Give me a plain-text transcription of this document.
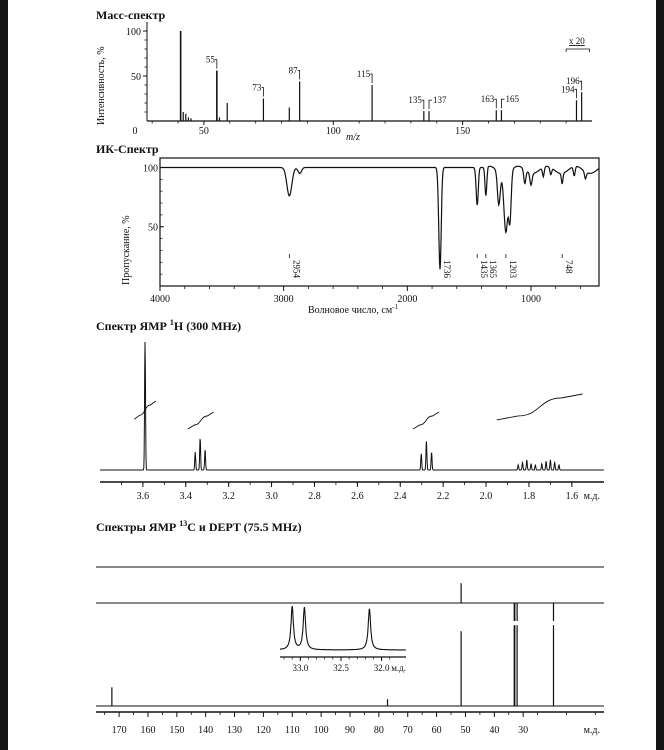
Масс-спектр
Интенсивность, %
m/z
x 20
50
100
0	50	100	150
55
73
87	115
135 137	163 165
194
196
ИК-Спектр
Пропускание, %
Волновое число, $см^{-1}$
4000	3000	2000	1000
50
100
2954	1736	1435
1365 1203	748
Спектр ЯМР $^1$H (300 MHz)
3.6	3.4	3.2	3.0	2.8	2.6	2.4	2.2	2.0	1.8	1.6 м.д.
Спектры ЯМР $^{13}$C и DEPT (75.5 MHz)
170 160 150 140 130 120 110 100 90 80 70 60 50 40 30	м.д.
33.0	32.5	32.0 м.д.
